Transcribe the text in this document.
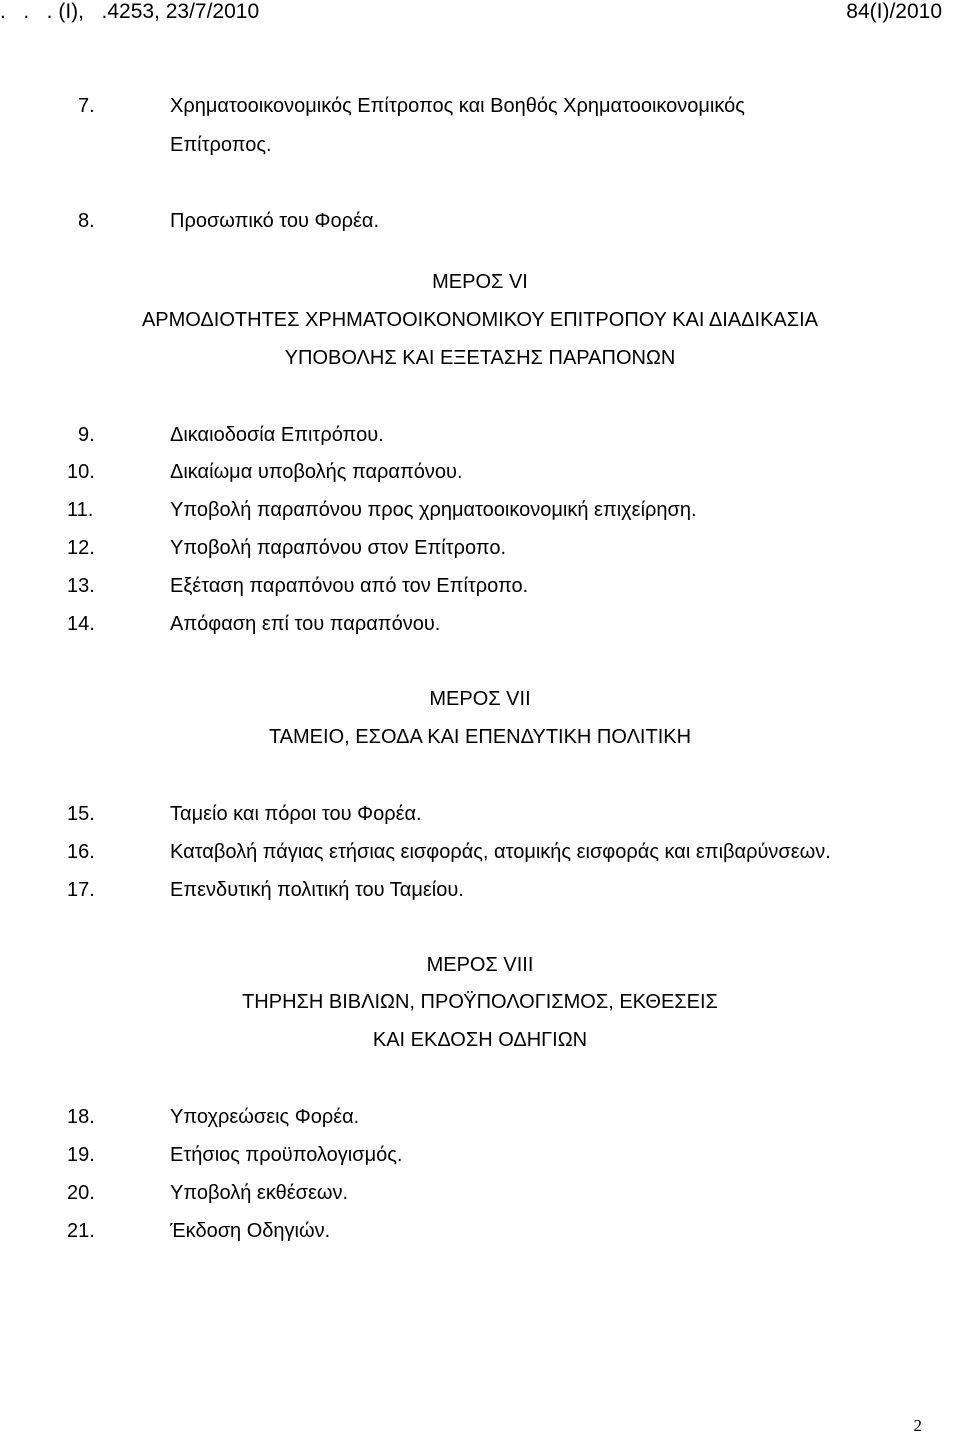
.   .   . (Ι),   .4253, 23/7/2010	84(Ι)/2010
7.	Χρηματοοικονομικός Επίτροπος και Βοηθός Χρηματοοικονομικός
Επίτροπος.
8.	Προσωπικό του Φορέα.
ΜΕΡΟΣ VI
ΑΡΜΟΔΙΟΤΗΤΕΣ ΧΡΗΜΑΤΟΟΙΚΟΝΟΜΙΚΟΥ ΕΠΙΤΡΟΠΟΥ ΚΑΙ ΔΙΑΔΙΚΑΣΙΑ
ΥΠΟΒΟΛΗΣ ΚΑΙ ΕΞΕΤΑΣΗΣ ΠΑΡΑΠΟΝΩΝ
9.	Δικαιοδοσία Επιτρόπου.
10.	Δικαίωμα υποβολής παραπόνου.
11.	Υποβολή παραπόνου προς χρηματοοικονομική επιχείρηση.
12.	Υποβολή παραπόνου στον Επίτροπο.
13.	Εξέταση παραπόνου από τον Επίτροπο.
14.	Απόφαση επί του παραπόνου.
ΜΕΡΟΣ VII
ΤΑΜΕΙΟ, ΕΣΟΔΑ ΚΑΙ ΕΠΕΝΔΥΤΙΚΗ ΠΟΛΙΤΙΚΗ
15.	Ταμείο και πόροι του Φορέα.
16.	Καταβολή πάγιας ετήσιας εισφοράς, ατομικής εισφοράς και επιβαρύνσεων.
17.	Επενδυτική πολιτική του Ταμείου.
ΜΕΡΟΣ VIII
ΤΗΡΗΣΗ ΒΙΒΛΙΩΝ, ΠΡΟΫΠΟΛΟΓΙΣΜΟΣ, ΕΚΘΕΣΕΙΣ
ΚΑΙ ΕΚΔΟΣΗ ΟΔΗΓΙΩΝ
18.	Υποχρεώσεις Φορέα.
19.	Ετήσιος προϋπολογισμός.
20.	Υποβολή εκθέσεων.
21.	Έκδοση Οδηγιών.
2
